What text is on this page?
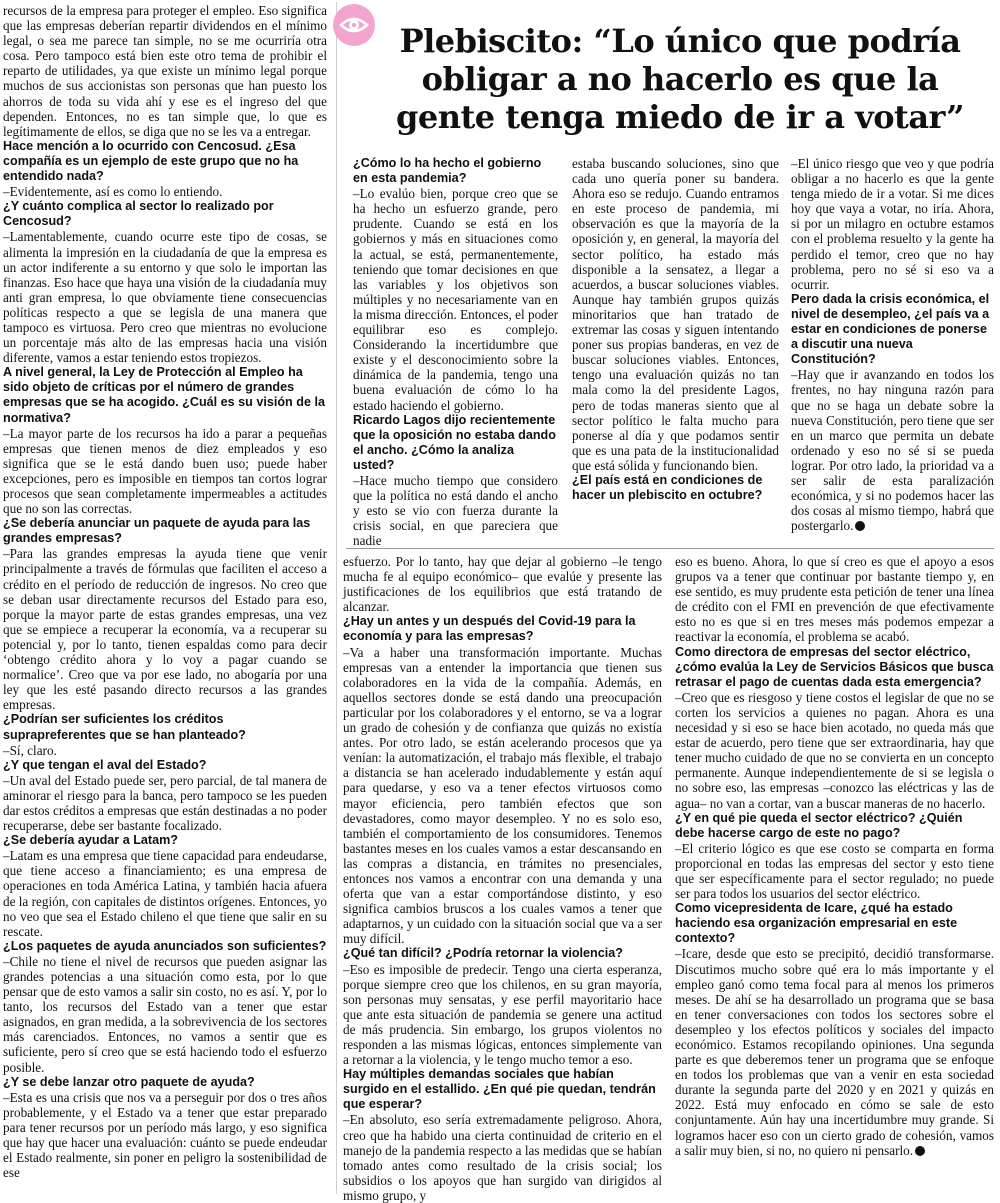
Plebiscito: “Lo único que podría obligar a no hacerlo es que la gente tenga miedo de ir a votar”

recursos de la empresa para proteger el empleo. Eso significa que las empresas deberían repartir dividendos en el mínimo legal, o sea me parece tan simple, no se me ocurriría otra cosa. Pero tampoco está bien este otro tema de prohibir el reparto de utilidades, ya que existe un mínimo legal porque muchos de sus accionistas son personas que han puesto los ahorros de toda su vida ahí y ese es el ingreso del que dependen. Entonces, no es tan simple que, lo que es legítimamente de ellos, se diga que no se les va a entregar.

Hace mención a lo ocurrido con Cencosud. ¿Esa compañía es un ejemplo de este grupo que no ha entendido nada?

–Evidentemente, así es como lo entiendo.

¿Y cuánto complica al sector lo realizado por Cencosud?

–Lamentablemente, cuando ocurre este tipo de cosas, se alimenta la impresión en la ciudadanía de que la empresa es un actor indiferente a su entorno y que solo le importan las finanzas. Eso hace que haya una visión de la ciudadanía muy anti gran empresa, lo que obviamente tiene consecuencias políticas respecto a que se legisla de una manera que tampoco es virtuosa. Pero creo que mientras no evolucione un porcentaje más alto de las empresas hacia una visión diferente, vamos a estar teniendo estos tropiezos.

A nivel general, la Ley de Protección al Empleo ha sido objeto de críticas por el número de grandes empresas que se ha acogido. ¿Cuál es su visión de la normativa?

–La mayor parte de los recursos ha ido a parar a pequeñas empresas que tienen menos de diez empleados y eso significa que se le está dando buen uso; puede haber excepciones, pero es imposible en tiempos tan cortos lograr procesos que sean completamente impermeables a actitudes que no son las correctas.

¿Se debería anunciar un paquete de ayuda para las grandes empresas?

–Para las grandes empresas la ayuda tiene que venir principalmente a través de fórmulas que faciliten el acceso a crédito en el período de reducción de ingresos. No creo que se deban usar directamente recursos del Estado para eso, porque la mayor parte de estas grandes empresas, una vez que se empiece a recuperar la economía, va a recuperar su potencial y, por lo tanto, tienen espaldas como para decir ‘obtengo crédito ahora y lo voy a pagar cuando se normalice’. Creo que va por ese lado, no abogaría por una ley que les esté pasando directo recursos a las grandes empresas.

¿Podrían ser suficientes los créditos suprapreferentes que se han planteado?

–Sí, claro.

¿Y que tengan el aval del Estado?

–Un aval del Estado puede ser, pero parcial, de tal manera de aminorar el riesgo para la banca, pero tampoco se les pueden dar estos créditos a empresas que están destinadas a no poder recuperarse, debe ser bastante focalizado.

¿Se debería ayudar a Latam?

–Latam es una empresa que tiene capacidad para endeudarse, que tiene acceso a financiamiento; es una empresa de operaciones en toda América Latina, y también hacia afuera de la región, con capitales de distintos orígenes. Entonces, yo no veo que sea el Estado chileno el que tiene que salir en su rescate.

¿Los paquetes de ayuda anunciados son suficientes?

–Chile no tiene el nivel de recursos que pueden asignar las grandes potencias a una situación como esta, por lo que pensar que de esto vamos a salir sin costo, no es así. Y, por lo tanto, los recursos del Estado van a tener que estar asignados, en gran medida, a la sobrevivencia de los sectores más carenciados. Entonces, no vamos a sentir que es suficiente, pero sí creo que se está haciendo todo el esfuerzo posible.

¿Y se debe lanzar otro paquete de ayuda?

–Esta es una crisis que nos va a perseguir por dos o tres años probablemente, y el Estado va a tener que estar preparado para tener recursos por un período más largo, y eso significa que hay que hacer una evaluación: cuánto se puede endeudar el Estado realmente, sin poner en peligro la sostenibilidad de ese

¿Cómo lo ha hecho el gobierno en esta pandemia?

–Lo evalúo bien, porque creo que se ha hecho un esfuerzo grande, pero prudente. Cuando se está en los gobiernos y más en situaciones como la actual, se está, permanentemente, teniendo que tomar decisiones en que las variables y los objetivos son múltiples y no necesariamente van en la misma dirección. Entonces, el poder equilibrar eso es complejo. Considerando la incertidumbre que existe y el desconocimiento sobre la dinámica de la pandemia, tengo una buena evaluación de cómo lo ha estado haciendo el gobierno.

Ricardo Lagos dijo recientemente que la oposición no estaba dando el ancho. ¿Cómo la analiza usted?

–Hace mucho tiempo que considero que la política no está dando el ancho y esto se vio con fuerza durante la crisis social, en que pareciera que nadie

estaba buscando soluciones, sino que cada uno quería poner su bandera. Ahora eso se redujo. Cuando entramos en este proceso de pandemia, mi observación es que la mayoría de la oposición y, en general, la mayoría del sector político, ha estado más disponible a la sensatez, a llegar a acuerdos, a buscar soluciones viables. Aunque hay también grupos quizás minoritarios que han tratado de extremar las cosas y siguen intentando poner sus propias banderas, en vez de buscar soluciones viables. Entonces, tengo una evaluación quizás no tan mala como la del presidente Lagos, pero de todas maneras siento que al sector político le falta mucho para ponerse al día y que podamos sentir que es una pata de la institucionalidad que está sólida y funcionando bien.

¿El país está en condiciones de hacer un plebiscito en octubre?

–El único riesgo que veo y que podría obligar a no hacerlo es que la gente tenga miedo de ir a votar. Si me dices hoy que vaya a votar, no iría. Ahora, si por un milagro en octubre estamos con el problema resuelto y la gente ha perdido el temor, creo que no hay problema, pero no sé si eso va a ocurrir.

Pero dada la crisis económica, el nivel de desempleo, ¿el país va a estar en condiciones de ponerse a discutir una nueva Constitución?

–Hay que ir avanzando en todos los frentes, no hay ninguna razón para que no se haga un debate sobre la nueva Constitución, pero tiene que ser en un marco que permita un debate ordenado y eso no sé si se pueda lograr. Por otro lado, la prioridad va a ser salir de esta paralización económica, y si no podemos hacer las dos cosas al mismo tiempo, habrá que postergarlo.

esfuerzo. Por lo tanto, hay que dejar al gobierno –le tengo mucha fe al equipo económico– que evalúe y presente las justificaciones de los equilibrios que está tratando de alcanzar.

¿Hay un antes y un después del Covid-19 para la economía y para las empresas?

–Va a haber una transformación importante. Muchas empresas van a entender la importancia que tienen sus colaboradores en la vida de la compañía. Además, en aquellos sectores donde se está dando una preocupación particular por los colaboradores y el entorno, se va a lograr un grado de cohesión y de confianza que quizás no existía antes. Por otro lado, se están acelerando procesos que ya venían: la automatización, el trabajo más flexible, el trabajo a distancia se han acelerado indudablemente y están aquí para quedarse, y eso va a tener efectos virtuosos como mayor eficiencia, pero también efectos que son devastadores, como mayor desempleo. Y no es solo eso, también el comportamiento de los consumidores. Tenemos bastantes meses en los cuales vamos a estar descansando en las compras a distancia, en trámites no presenciales, entonces nos vamos a encontrar con una demanda y una oferta que van a estar comportándose distinto, y eso significa cambios bruscos a los cuales vamos a tener que adaptarnos, y un cuidado con la situación social que va a ser muy difícil.

¿Qué tan difícil? ¿Podría retornar la violencia?

–Eso es imposible de predecir. Tengo una cierta esperanza, porque siempre creo que los chilenos, en su gran mayoría, son personas muy sensatas, y ese perfil mayoritario hace que ante esta situación de pandemia se genere una actitud de más prudencia. Sin embargo, los grupos violentos no responden a las mismas lógicas, entonces simplemente van a retornar a la violencia, y le tengo mucho temor a eso.

Hay múltiples demandas sociales que habían surgido en el estallido. ¿En qué pie quedan, tendrán que esperar?

–En absoluto, eso sería extremadamente peligroso. Ahora, creo que ha habido una cierta continuidad de criterio en el manejo de la pandemia respecto a las medidas que se habían tomado antes como resultado de la crisis social; los subsidios o los apoyos que han surgido van dirigidos al mismo grupo, y

eso es bueno. Ahora, lo que sí creo es que el apoyo a esos grupos va a tener que continuar por bastante tiempo y, en ese sentido, es muy prudente esta petición de tener una línea de crédito con el FMI en prevención de que efectivamente esto no es que si en tres meses más podemos empezar a reactivar la economía, el problema se acabó.

Como directora de empresas del sector eléctrico, ¿cómo evalúa la Ley de Servicios Básicos que busca retrasar el pago de cuentas dada esta emergencia?

–Creo que es riesgoso y tiene costos el legislar de que no se corten los servicios a quienes no pagan. Ahora es una necesidad y si eso se hace bien acotado, no queda más que estar de acuerdo, pero tiene que ser extraordinaria, hay que tener mucho cuidado de que no se convierta en un concepto permanente. Aunque independientemente de si se legisla o no sobre eso, las empresas –conozco las eléctricas y las de agua– no van a cortar, van a buscar maneras de no hacerlo.

¿Y en qué pie queda el sector eléctrico? ¿Quién debe hacerse cargo de este no pago?

–El criterio lógico es que ese costo se comparta en forma proporcional en todas las empresas del sector y esto tiene que ser específicamente para el sector regulado; no puede ser para todos los usuarios del sector eléctrico.

Como vicepresidenta de Icare, ¿qué ha estado haciendo esa organización empresarial en este contexto?

–Icare, desde que esto se precipitó, decidió transformarse. Discutimos mucho sobre qué era lo más importante y el empleo ganó como tema focal para al menos los primeros meses. De ahí se ha desarrollado un programa que se basa en tener conversaciones con todos los sectores sobre el desempleo y los efectos políticos y sociales del impacto económico. Estamos recopilando opiniones. Una segunda parte es que deberemos tener un programa que se enfoque en todos los problemas que van a venir en esta sociedad durante la segunda parte del 2020 y en 2021 y quizás en 2022. Está muy enfocado en cómo se sale de esto conjuntamente. Aún hay una incertidumbre muy grande. Si logramos hacer eso con un cierto grado de cohesión, vamos a salir muy bien, si no, no quiero ni pensarlo.
